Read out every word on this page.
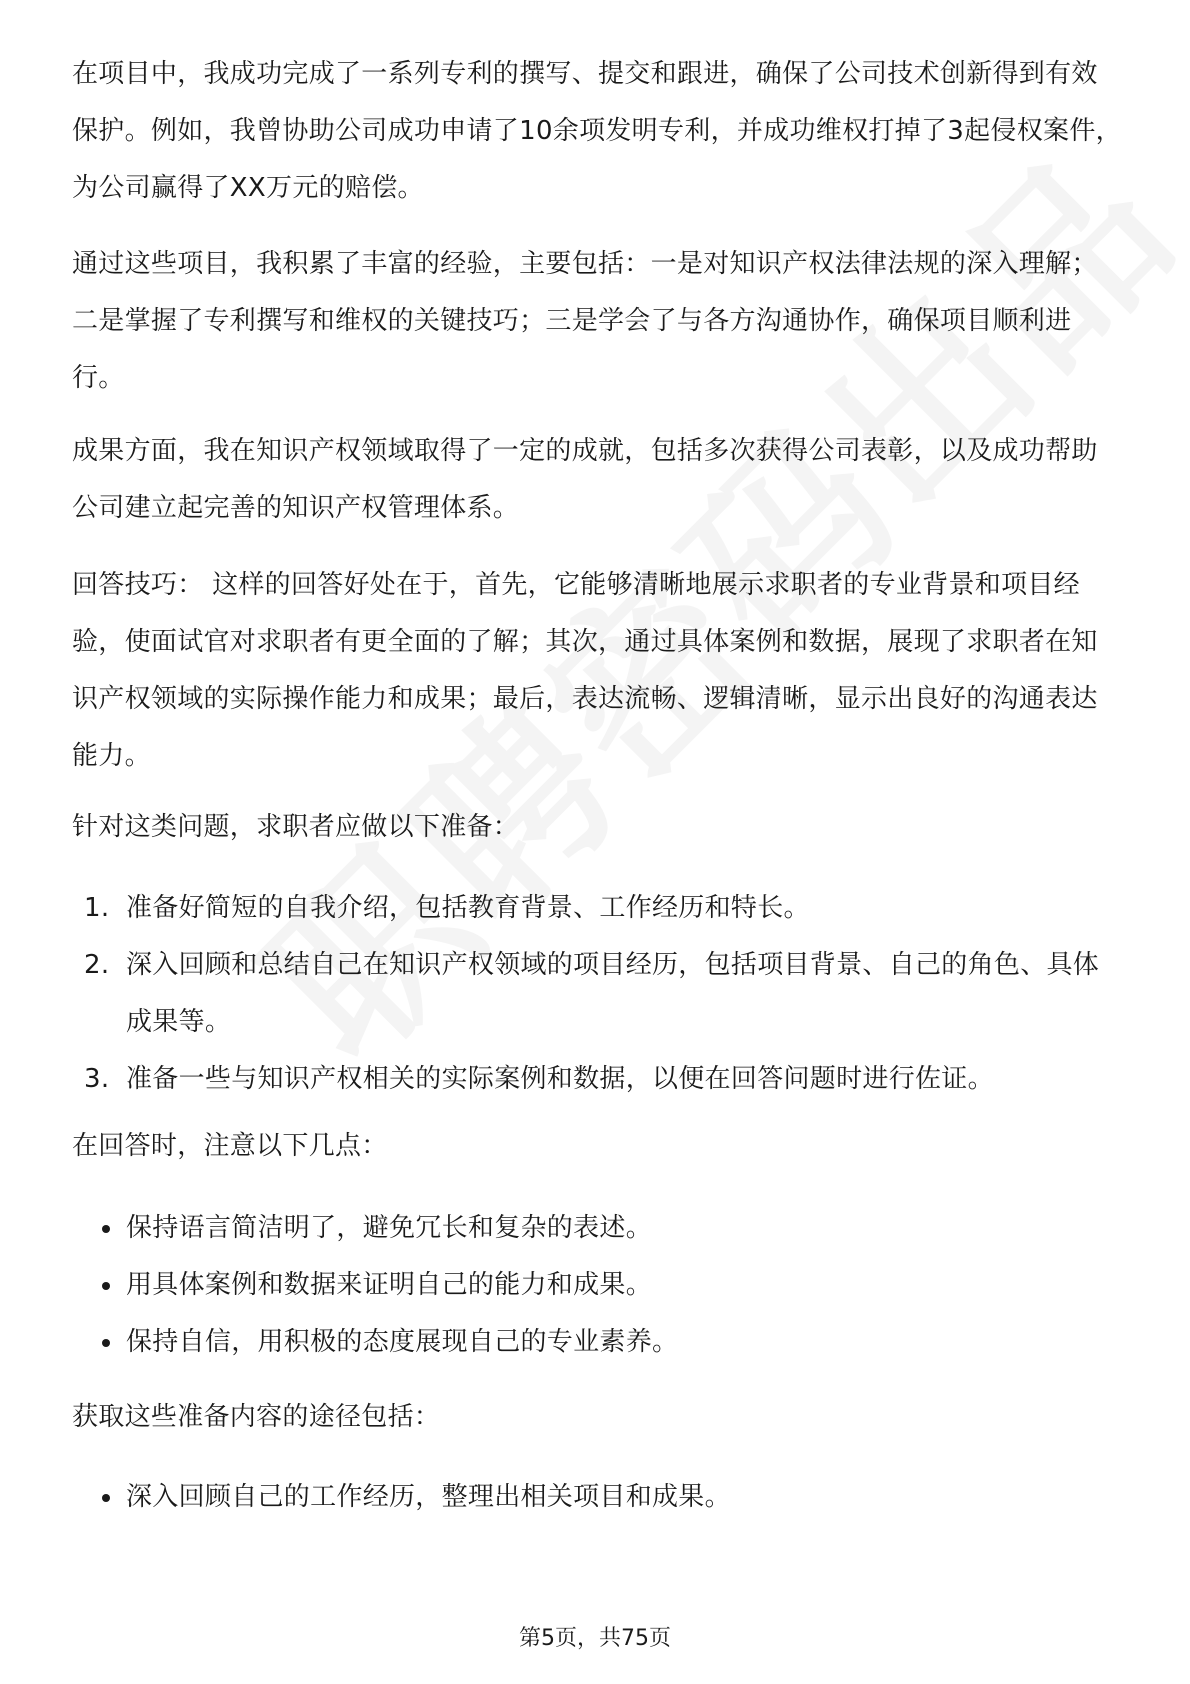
在项目中，我成功完成了一系列专利的撰写、提交和跟进，确保了公司技术创新得到有效保护。例如，我曾协助公司成功申请了10余项发明专利，并成功维权打掉了3起侵权案件，为公司赢得了XX万元的赔偿。

通过这些项目，我积累了丰富的经验，主要包括：一是对知识产权法律法规的深入理解；二是掌握了专利撰写和维权的关键技巧；三是学会了与各方沟通协作，确保项目顺利进行。

成果方面，我在知识产权领域取得了一定的成就，包括多次获得公司表彰，以及成功帮助公司建立起完善的知识产权管理体系。

回答技巧： 这样的回答好处在于，首先，它能够清晰地展示求职者的专业背景和项目经验，使面试官对求职者有更全面的了解；其次，通过具体案例和数据，展现了求职者在知识产权领域的实际操作能力和成果；最后，表达流畅、逻辑清晰，显示出良好的沟通表达能力。

针对这类问题，求职者应做以下准备：

1. 准备好简短的自我介绍，包括教育背景、工作经历和特长。
2. 深入回顾和总结自己在知识产权领域的项目经历，包括项目背景、自己的角色、具体成果等。
3. 准备一些与知识产权相关的实际案例和数据，以便在回答问题时进行佐证。

在回答时，注意以下几点：

保持语言简洁明了，避免冗长和复杂的表述。
用具体案例和数据来证明自己的能力和成果。
保持自信，用积极的态度展现自己的专业素养。

获取这些准备内容的途径包括：

深入回顾自己的工作经历，整理出相关项目和成果。
第5页，共75页
